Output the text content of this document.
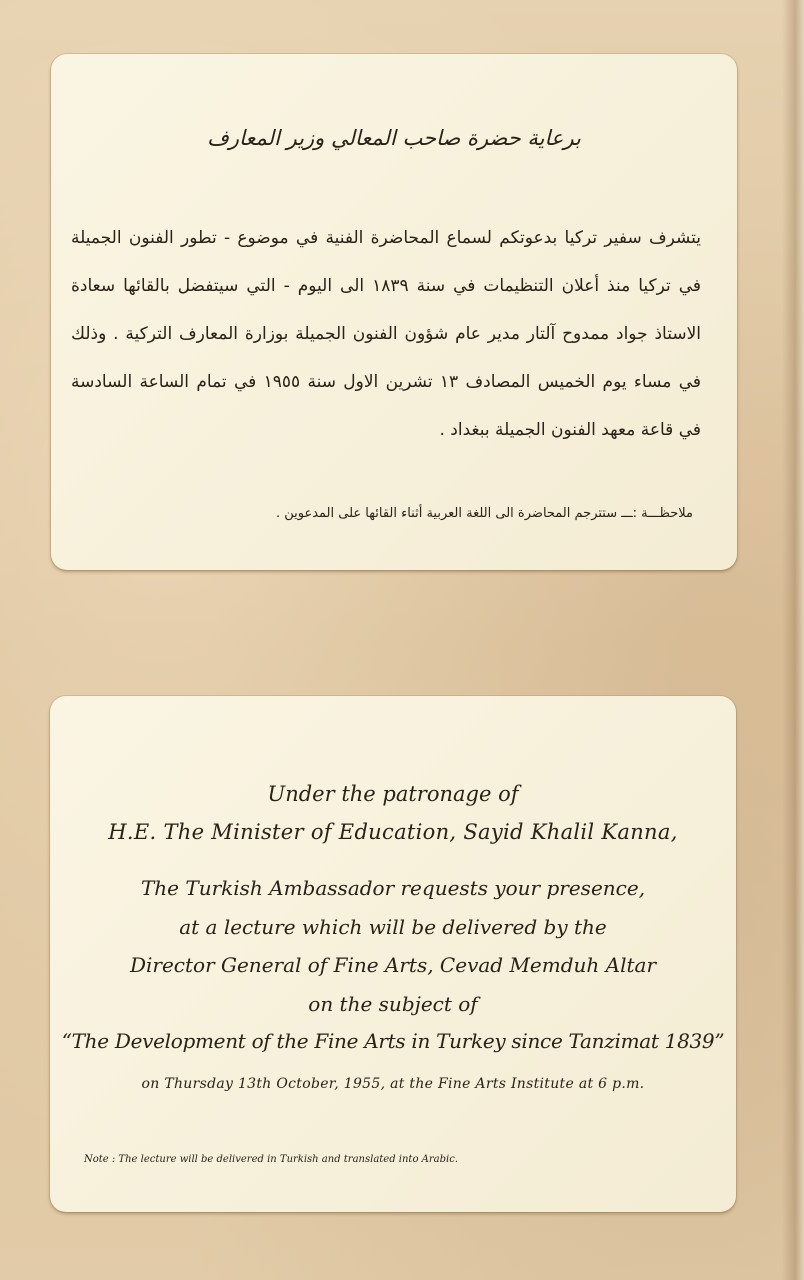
برعاية حضرة صاحب المعالي وزير المعارف

يتشرف سفير تركيا بدعوتكم لسماع المحاضرة الفنية في موضوع - تطور الفنون الجميلة في تركيا منذ أعلان التنظيمات في سنة ١٨٣٩ الى اليوم - التي سيتفضل بالقائها سعادة الاستاذ جواد ممدوح آلتار مدير عام شؤون الفنون الجميلة بوزارة المعارف التركية . وذلك في مساء يوم الخميس المصادف ١٣ تشرين الاول سنة ١٩٥٥ في تمام الساعة السادسة في قاعة معهد الفنون الجميلة ببغداد .

ملاحظـــة :ـــ ستترجم المحاضرة الى اللغة العربية أثناء القائها على المدعوين .

Under the patronage of

H.E. The Minister of Education, Sayid Khalil Kanna,

The Turkish Ambassador requests your presence,

at a lecture which will be delivered by the

Director General of Fine Arts, Cevad Memduh Altar

on the subject of

“The Development of the Fine Arts in Turkey since Tanzimat 1839”

on Thursday 13th October, 1955, at the Fine Arts Institute at 6 p.m.

Note : The lecture will be delivered in Turkish and translated into Arabic.
